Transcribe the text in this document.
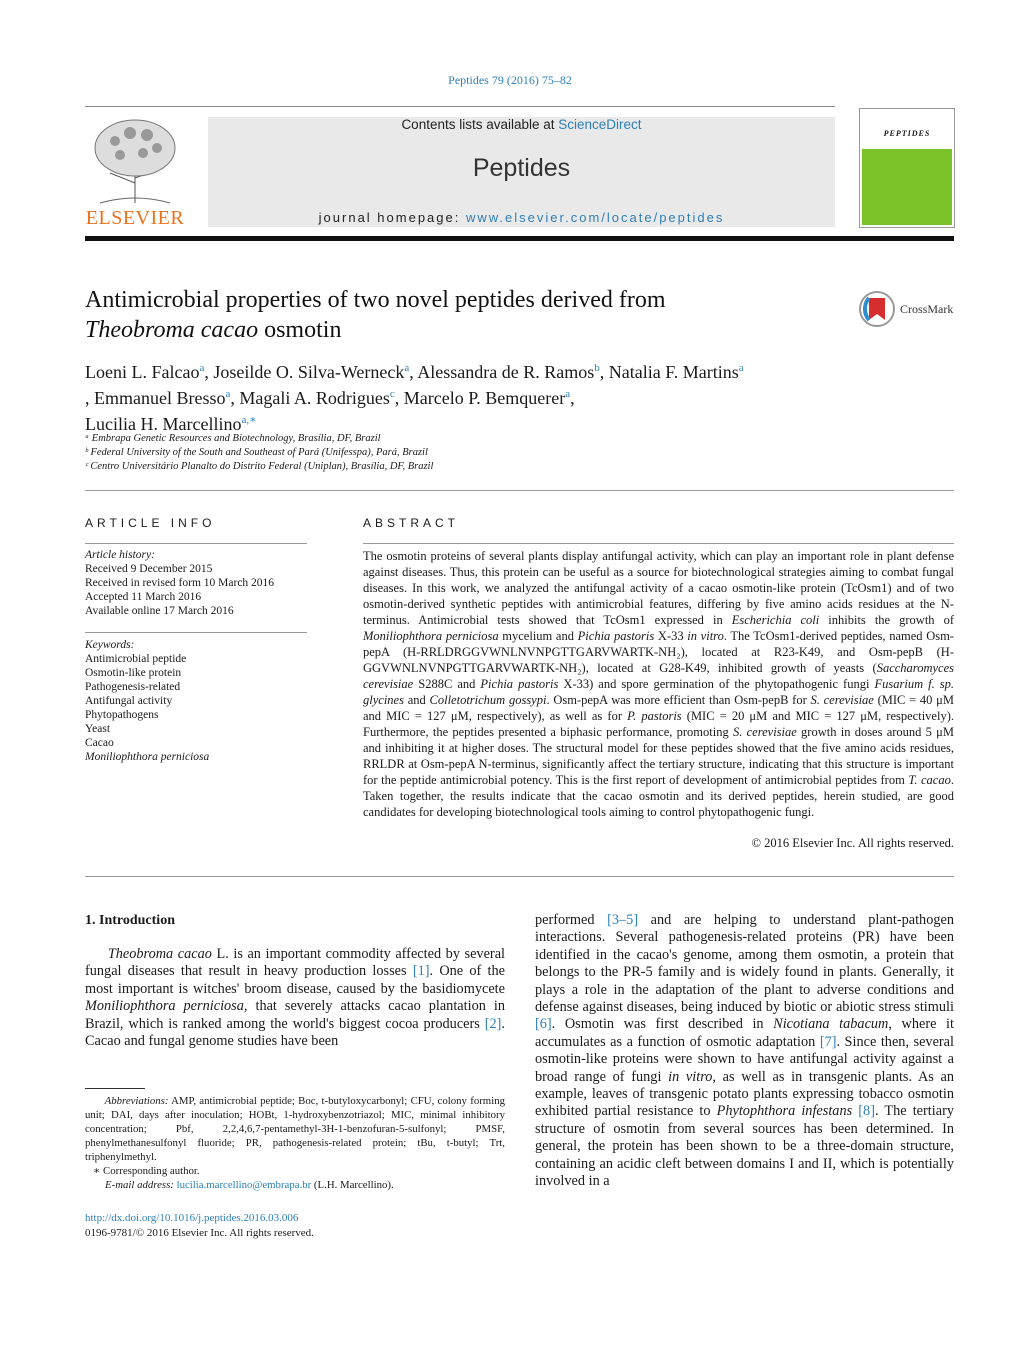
Peptides 79 (2016) 75–82
ELSEVIER
Contents lists available at ScienceDirect
Peptides
journal homepage: www.elsevier.com/locate/peptides
PEPTIDES
Antimicrobial properties of two novel peptides derived from
Theobroma cacao osmotin
CrossMark
Loeni L. Falcao$^a$, Joseilde O. Silva-Werneck$^a$, Alessandra de R. Ramos$^b$, Natalia F. Martins$^a$
, Emmanuel Bresso$^a$, Magali A. Rodrigues$^c$, Marcelo P. Bemquerer$^a$,
Lucilia H. Marcellino$^{a,∗}$
ᵃ Embrapa Genetic Resources and Biotechnology, Brasília, DF, Brazil
ᵇ Federal University of the South and Southeast of Pará (Unifesspa), Pará, Brazil
ᶜ Centro Universitário Planalto do Distrito Federal (Uniplan), Brasília, DF, Brazil
ARTICLE INFO
Article history:
Received 9 December 2015
Received in revised form 10 March 2016
Accepted 11 March 2016
Available online 17 March 2016
Keywords:
Antimicrobial peptide
Osmotin-like protein
Pathogenesis-related
Antifungal activity
Phytopathogens
Yeast
Cacao
Moniliophthora perniciosa
ABSTRACT
The osmotin proteins of several plants display antifungal activity, which can play an important role in plant defense against diseases. Thus, this protein can be useful as a source for biotechnological strategies aiming to combat fungal diseases. In this work, we analyzed the antifungal activity of a cacao osmotin-like protein (TcOsm1) and of two osmotin-derived synthetic peptides with antimicrobial features, differing by five amino acids residues at the N-terminus. Antimicrobial tests showed that TcOsm1 expressed in Escherichia coli inhibits the growth of Moniliophthora perniciosa mycelium and Pichia pastoris X-33 in vitro. The TcOsm1-derived peptides, named Osm-pepA (H-RRLDRGGVWNLNVNPGTTGARVWARTK-NH₂), located at R23-K49, and Osm-pepB (H-GGVWNLNVNPGTTGARVWARTK-NH₂), located at G28-K49, inhibited growth of yeasts (Saccharomyces cerevisiae S288C and Pichia pastoris X-33) and spore germination of the phytopathogenic fungi Fusarium f. sp. glycines and Colletotrichum gossypi. Osm-pepA was more efficient than Osm-pepB for S. cerevisiae (MIC = 40 μM and MIC = 127 μM, respectively), as well as for P. pastoris (MIC = 20 μM and MIC = 127 μM, respectively). Furthermore, the peptides presented a biphasic performance, promoting S. cerevisiae growth in doses around 5 μM and inhibiting it at higher doses. The structural model for these peptides showed that the five amino acids residues, RRLDR at Osm-pepA N-terminus, significantly affect the tertiary structure, indicating that this structure is important for the peptide antimicrobial potency. This is the first report of development of antimicrobial peptides from T. cacao. Taken together, the results indicate that the cacao osmotin and its derived peptides, herein studied, are good candidates for developing biotechnological tools aiming to control phytopathogenic fungi.
© 2016 Elsevier Inc. All rights reserved.
1. Introduction
Theobroma cacao L. is an important commodity affected by several fungal diseases that result in heavy production losses [1]. One of the most important is witches' broom disease, caused by the basidiomycete Moniliophthora perniciosa, that severely attacks cacao plantation in Brazil, which is ranked among the world's biggest cocoa producers [2]. Cacao and fungal genome studies have been
performed [3–5] and are helping to understand plant-pathogen interactions. Several pathogenesis-related proteins (PR) have been identified in the cacao's genome, among them osmotin, a protein that belongs to the PR-5 family and is widely found in plants. Generally, it plays a role in the adaptation of the plant to adverse conditions and defense against diseases, being induced by biotic or abiotic stress stimuli [6]. Osmotin was first described in Nicotiana tabacum, where it accumulates as a function of osmotic adaptation [7]. Since then, several osmotin-like proteins were shown to have antifungal activity against a broad range of fungi in vitro, as well as in transgenic plants. As an example, leaves of transgenic potato plants expressing tobacco osmotin exhibited partial resistance to Phytophthora infestans [8]. The tertiary structure of osmotin from several sources has been determined. In general, the protein has been shown to be a three-domain structure, containing an acidic cleft between domains I and II, which is potentially involved in a
Abbreviations: AMP, antimicrobial peptide; Boc, t-butyloxycarbonyl; CFU, colony forming unit; DAI, days after inoculation; HOBt, 1-hydroxybenzotriazol; MIC, minimal inhibitory concentration; Pbf, 2,2,4,6,7-pentamethyl-3H-1-benzofuran-5-sulfonyl; PMSF, phenylmethanesulfonyl fluoride; PR, pathogenesis-related protein; tBu, t-butyl; Trt, triphenylmethyl.
∗ Corresponding author.
E-mail address: lucilia.marcellino@embrapa.br (L.H. Marcellino).
http://dx.doi.org/10.1016/j.peptides.2016.03.006
0196-9781/© 2016 Elsevier Inc. All rights reserved.
